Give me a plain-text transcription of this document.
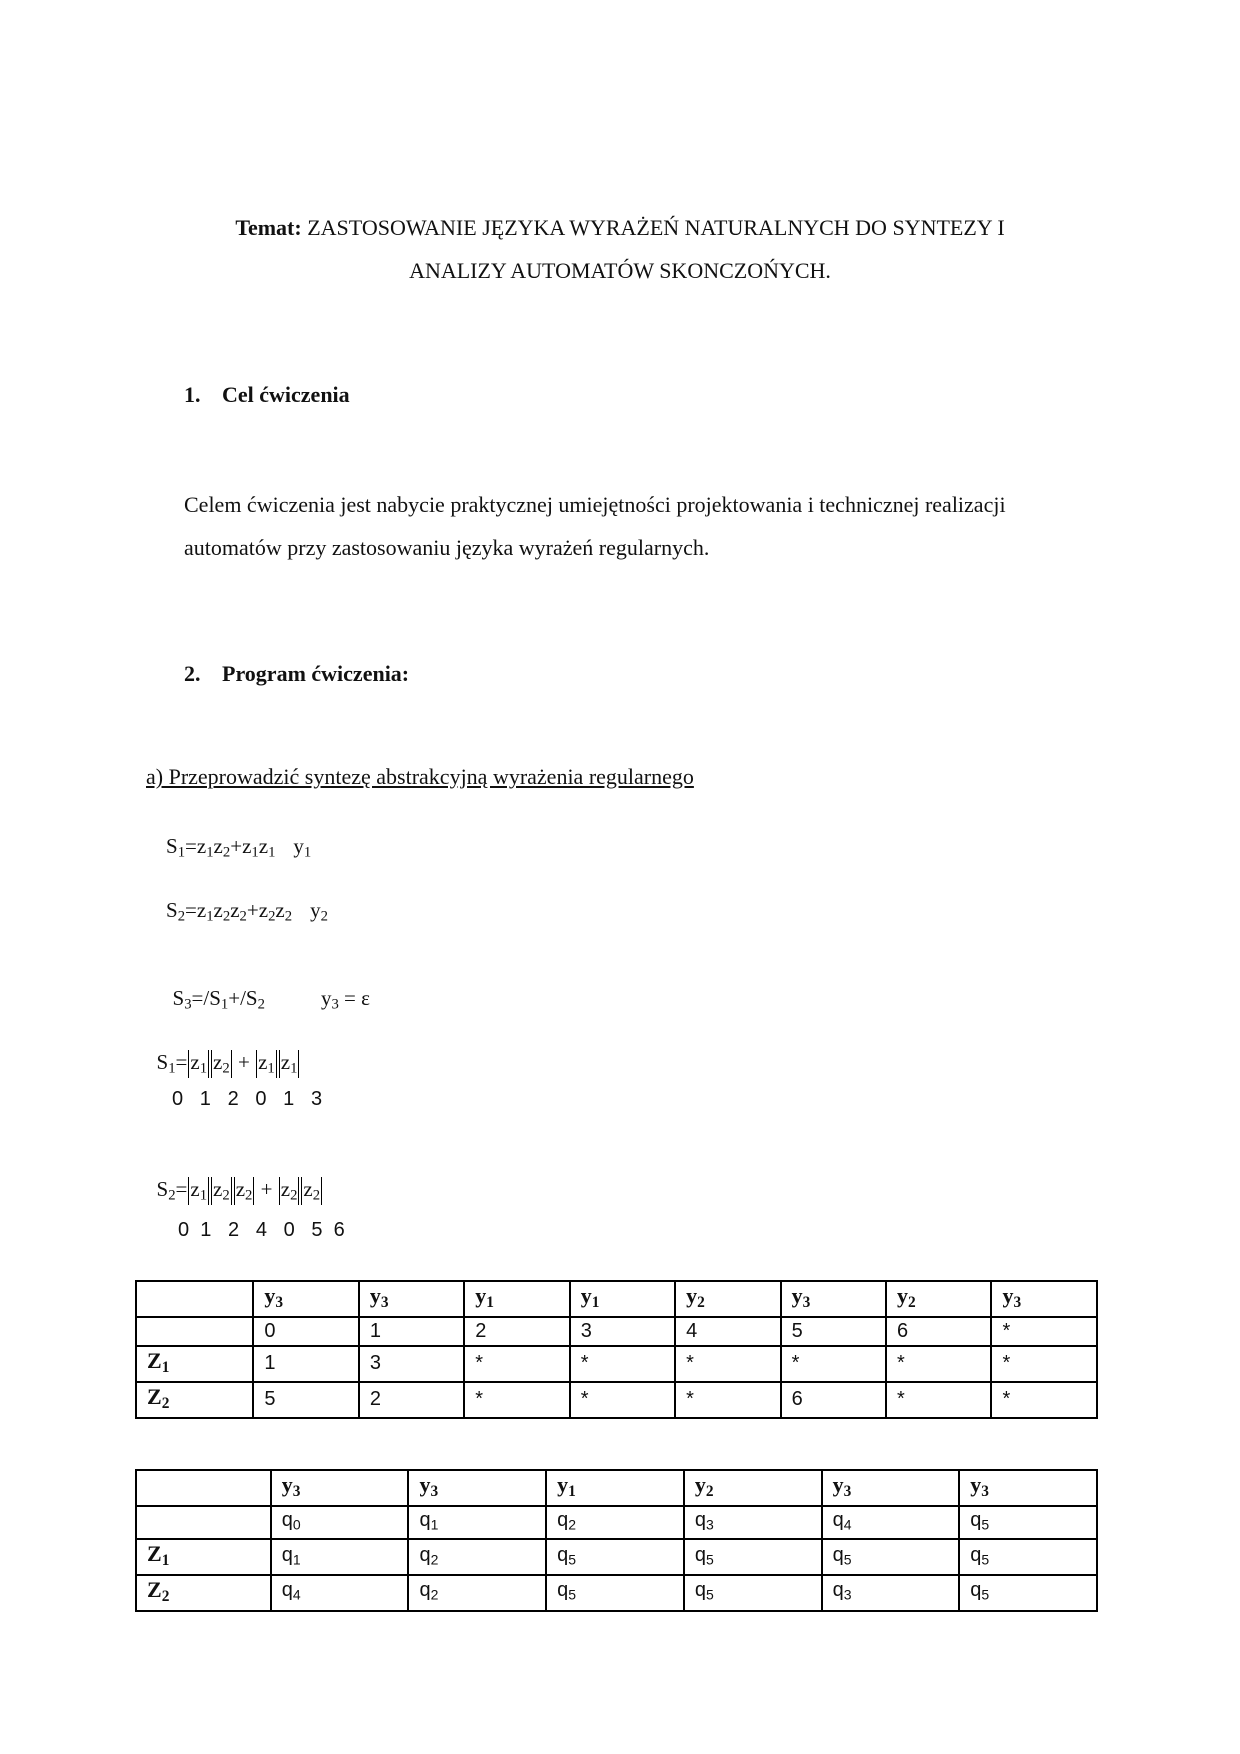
Temat: ZASTOSOWANIE JĘZYKA WYRAŻEŃ NATURALNYCH DO SYNTEZY I
ANALIZY AUTOMATÓW SKONCZOŃYCH.
1. Cel ćwiczenia
Celem ćwiczenia jest nabycie praktycznej umiejętności projektowania i technicznej realizacji automatów przy zastosowaniu języka wyrażeń regularnych.
2. Program ćwiczenia:
a) Przeprowadzić syntezę abstrakcyjną wyrażenia regularnego
$S_1=z_1z_2+z_1z_1$ $y_1$
$S_2=z_1z_2z_2+z_2z_2$ $y_2$

$S_3=/S_1+/S_2$	$y_3 = \varepsilon$

$S_1= z_1$ $z_2 + z_1$ $z_1$

0   1   2   0   1   3

$S_2= z_1$ $z_2$ $z_2 + z_2$ $z_2$

0  1   2   4   0   5  6
	$y_3$	$y_3$	$y_1$	$y_1$	$y_2$	$y_3$	$y_2$	$y_3$
	0	1	2	3	4	5	6	*
$Z_1$	1	3	*	*	*	*	*	*
$Z_2$	5	2	*	*	*	6	*	*
	$y_3$	$y_3$	$y_1$	$y_2$	$y_3$	$y_3$
	$q_0$	$q_1$	$q_2$	$q_3$	$q_4$	$q_5$
$Z_1$	$q_1$	$q_2$	$q_5$	$q_5$	$q_5$	$q_5$
$Z_2$	$q_4$	$q_2$	$q_5$	$q_5$	$q_3$	$q_5$
